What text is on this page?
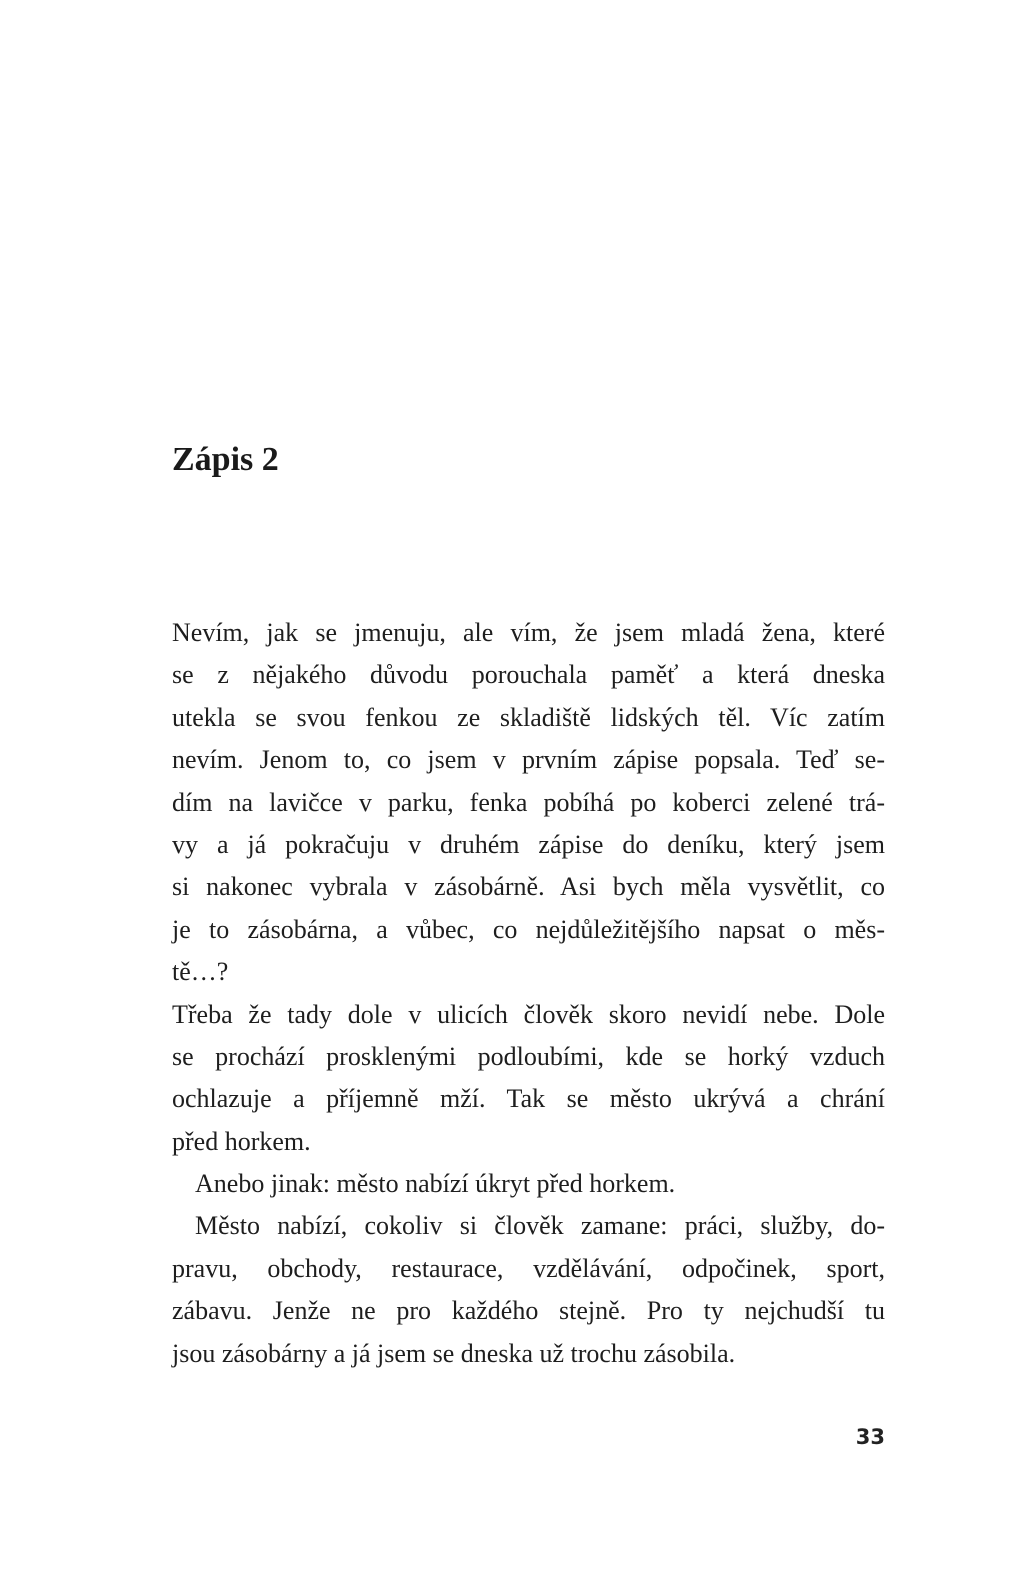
Zápis 2
Nevím, jak se jmenuju, ale vím, že jsem mladá žena, které
se z nějakého důvodu porouchala paměť a která dneska
utekla se svou fenkou ze skladiště lidských těl. Víc zatím
nevím. Jenom to, co jsem v prvním zápise popsala. Teď se-
dím na lavičce v parku, fenka pobíhá po koberci zelené trá-
vy a já pokračuju v druhém zápise do deníku, který jsem
si nakonec vybrala v zásobárně. Asi bych měla vysvětlit, co
je to zásobárna, a vůbec, co nejdůležitějšího napsat o měs-
tě…?
Třeba že tady dole v ulicích člověk skoro nevidí nebe. Dole
se prochází prosklenými podloubími, kde se horký vzduch
ochlazuje a příjemně mží. Tak se město ukrývá a chrání
před horkem.
Anebo jinak: město nabízí úkryt před horkem.
Město nabízí, cokoliv si člověk zamane: práci, služby, do-
pravu, obchody, restaurace, vzdělávání, odpočinek, sport,
zábavu. Jenže ne pro každého stejně. Pro ty nejchudší tu
jsou zásobárny a já jsem se dneska už trochu zásobila.
33
